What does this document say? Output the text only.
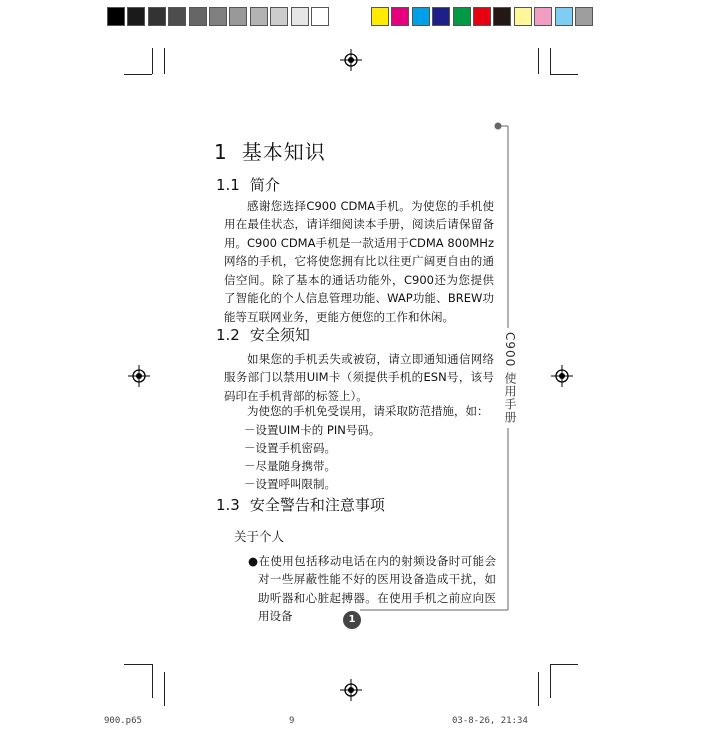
C900 使用手册
1 基本知识
1.1 简介
感谢您选择C900 CDMA手机。为使您的手机使用在最佳状态，请详细阅读本手册，阅读后请保留备用。 C900 CDMA手机是一款适用于CDMA 800MHz网络的手机，它将使您拥有比以往更广阔更自由的通信空间。除了基本的通话功能外，C900还为您提供了智能化的个人信息管理功能、WAP功能、BREW功能等互联网业务，更能方便您的工作和休闲。
1.2 安全须知
如果您的手机丢失或被窃，请立即通知通信网络服务部门以禁用UIM卡（须提供手机的ESN号，该号码印在手机背部的标签上）。
为使您的手机免受误用，请采取防范措施，如：
－设置UIM卡的 PIN号码。
－设置手机密码。
－尽量随身携带。
－设置呼叫限制。
1.3 安全警告和注意事项
关于个人
●在使用包括移动电话在内的射频设备时可能会对一些屏蔽性能不好的医用设备造成干扰，如助听器和心脏起搏器。在使用手机之前应向医用设备	1
900.p65	9	03-8-26, 21:34
